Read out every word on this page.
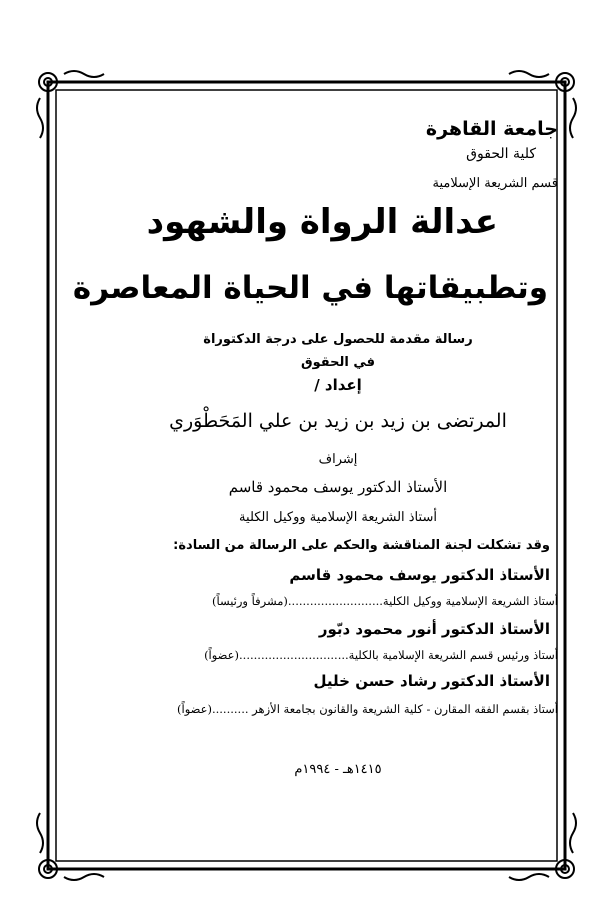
جامعة القاهرة
كلية الحقوق
قسم الشريعة الإسلامية
عدالة الرواة والشهود
وتطبيقاتها في الحياة المعاصرة
رسالة مقدمة للحصول على درجة الدكتوراة
في الحقوق
إعداد /
المرتضى بن زيد بن زيد بن علي المَحَطْوَري
إشراف
الأستاذ الدكتور يوسف محمود قاسم
أستاذ الشريعة الإسلامية ووكيل الكلية
وقد تشكلت لجنة المناقشة والحكم على الرسالة من السادة:
الأستاذ الدكتور يوسف محمود قاسم
أستاذ الشريعة الإسلامية ووكيل الكلية..........................(مشرفاً ورئيساً)
الأستاذ الدكتور أنور محمود دبّور
أستاذ ورئيس قسم الشريعة الإسلامية بالكلية..............................(عضواً)
الأستاذ الدكتور رشاد حسن خليل
أستاذ بقسم الفقه المقارن - كلية الشريعة والقانون بجامعة الأزهر ..........(عضواً)
١٤١٥هـ - ١٩٩٤م
